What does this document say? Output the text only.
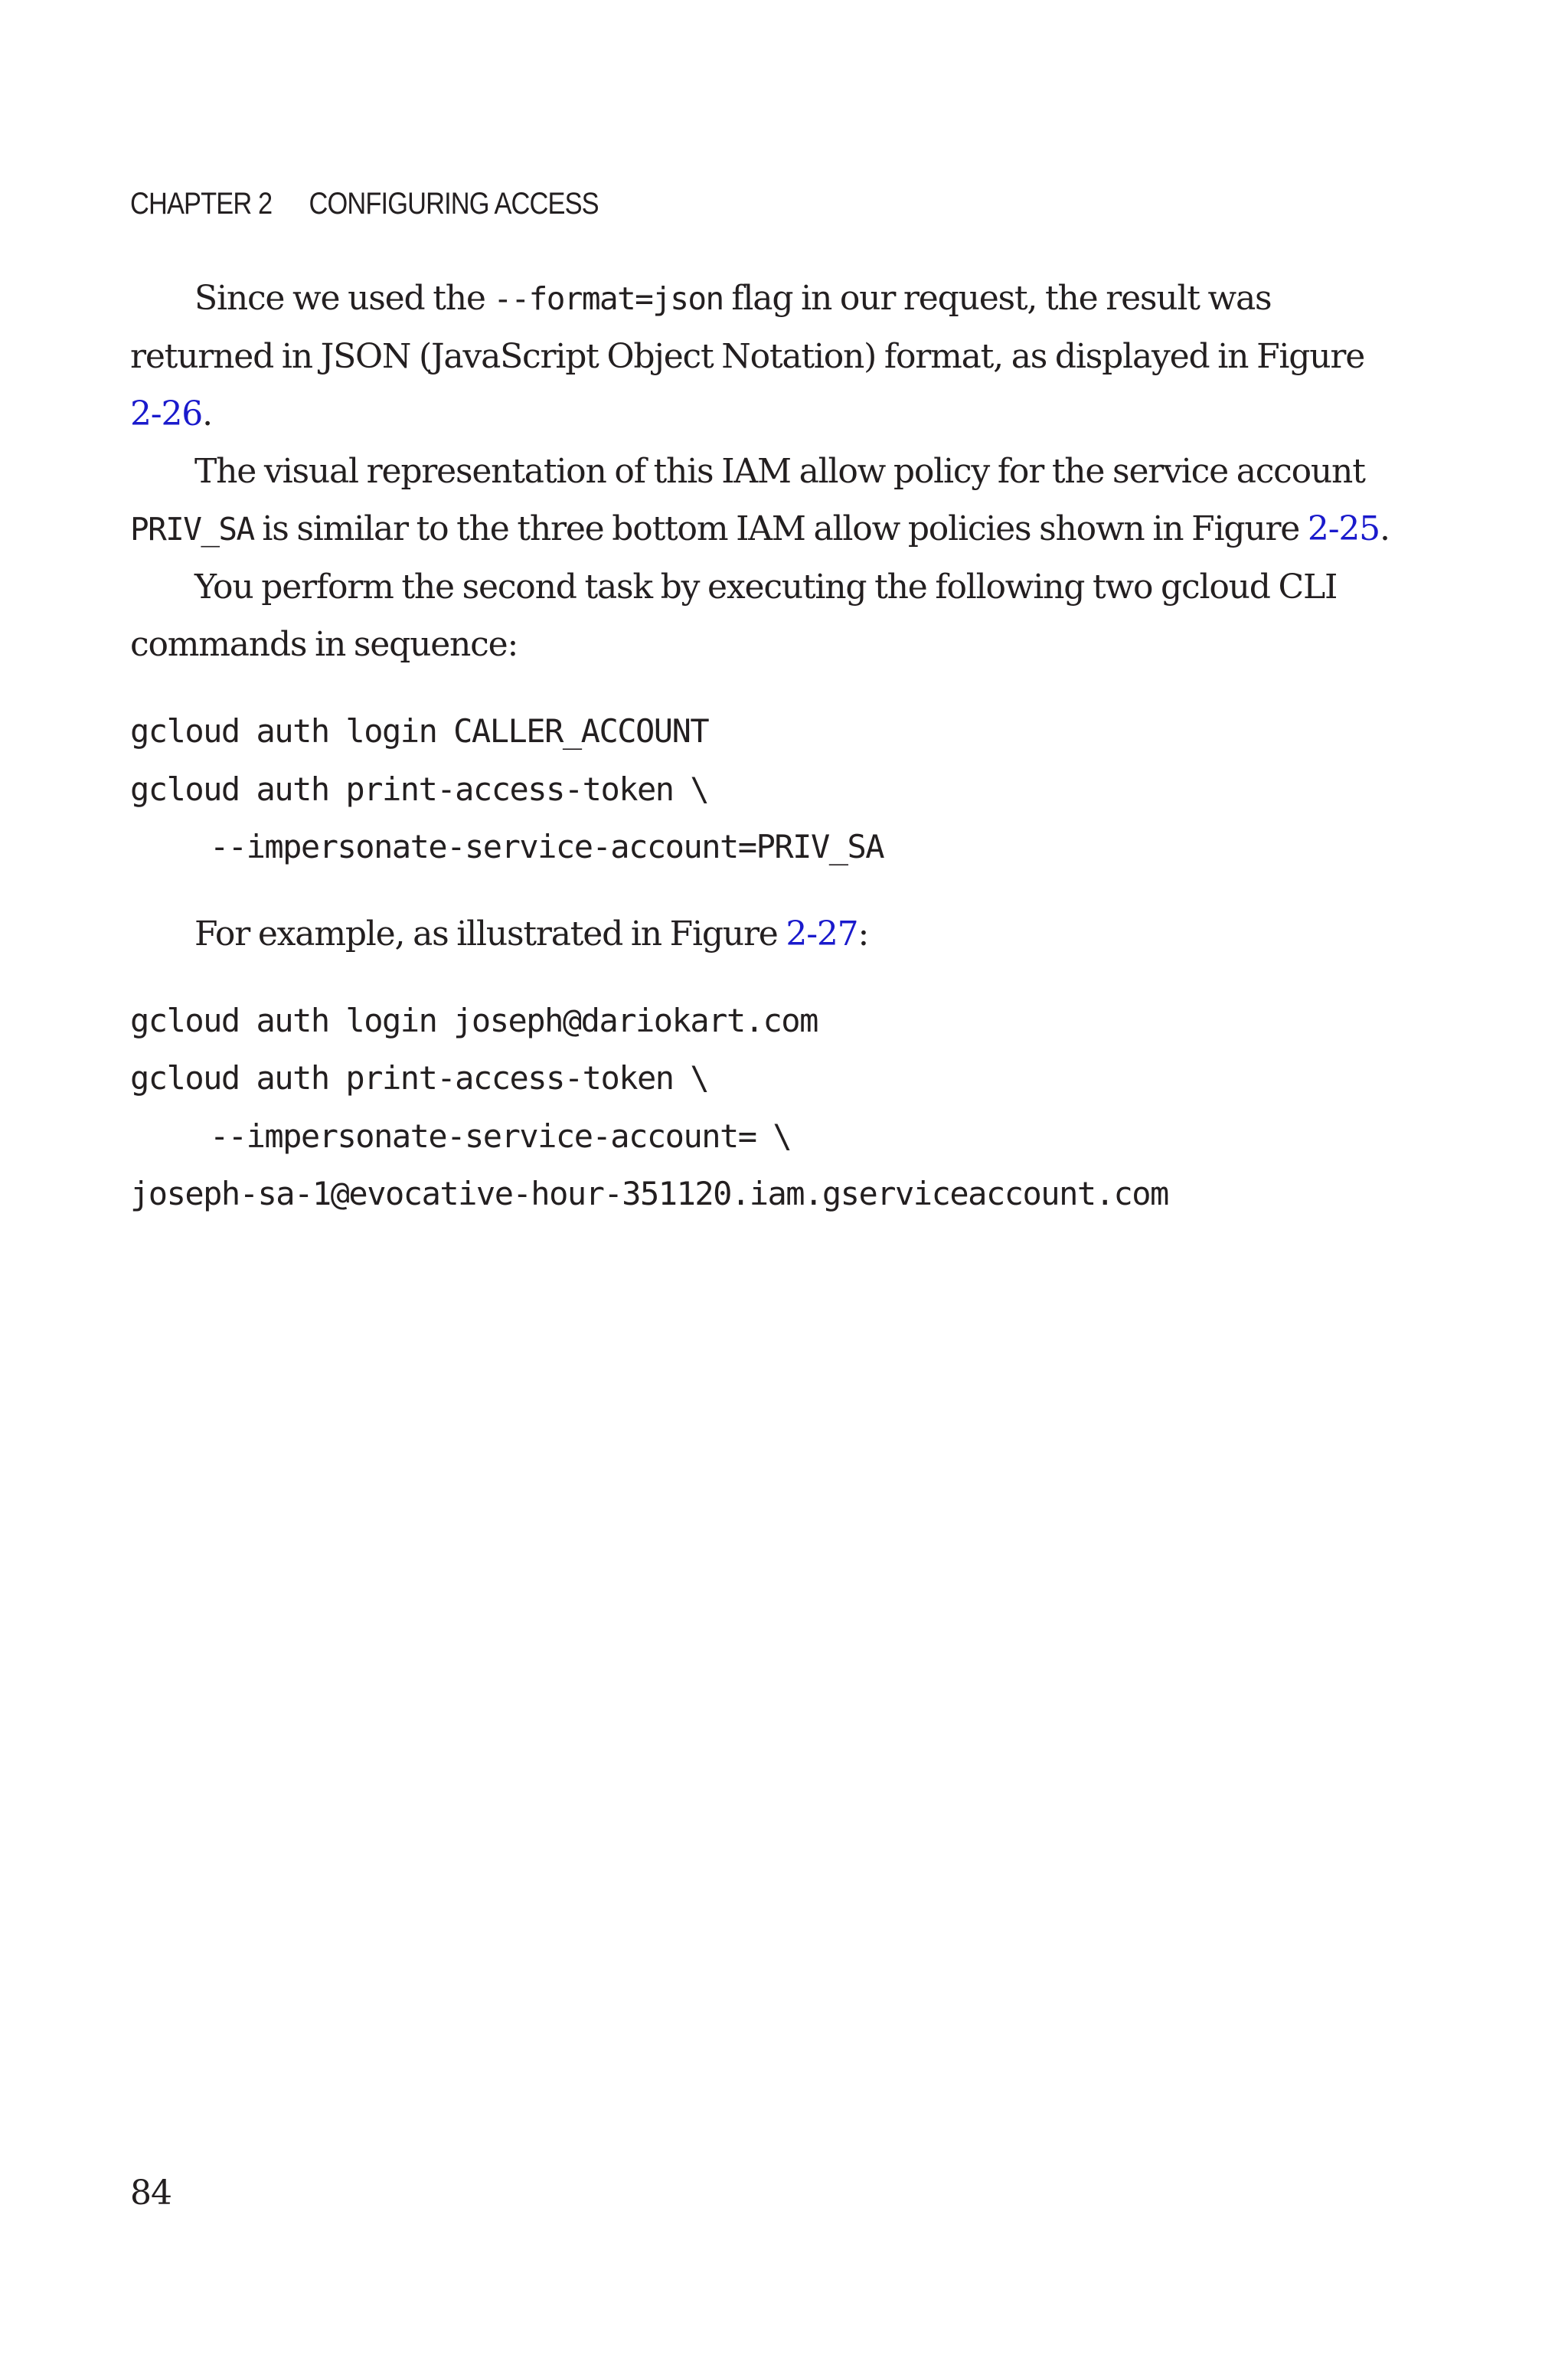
CHAPTER 2 CONFIGURING ACCESS

Since we used the --format=json flag in our request, the result was returned in JSON (JavaScript Object Notation) format, as displayed in Figure 2-26.

The visual representation of this IAM allow policy for the service account PRIV_SA is similar to the three bottom IAM allow policies shown in Figure 2-25.

You perform the second task by executing the following two gcloud CLI commands in sequence:

gcloud auth login CALLER_ACCOUNT
gcloud auth print-access-token \
--impersonate-service-account=PRIV_SA

For example, as illustrated in Figure 2-27:

gcloud auth login joseph@dariokart.com
gcloud auth print-access-token \
--impersonate-service-account= \
joseph-sa-1@evocative-hour-351120.iam.gserviceaccount.com
84
